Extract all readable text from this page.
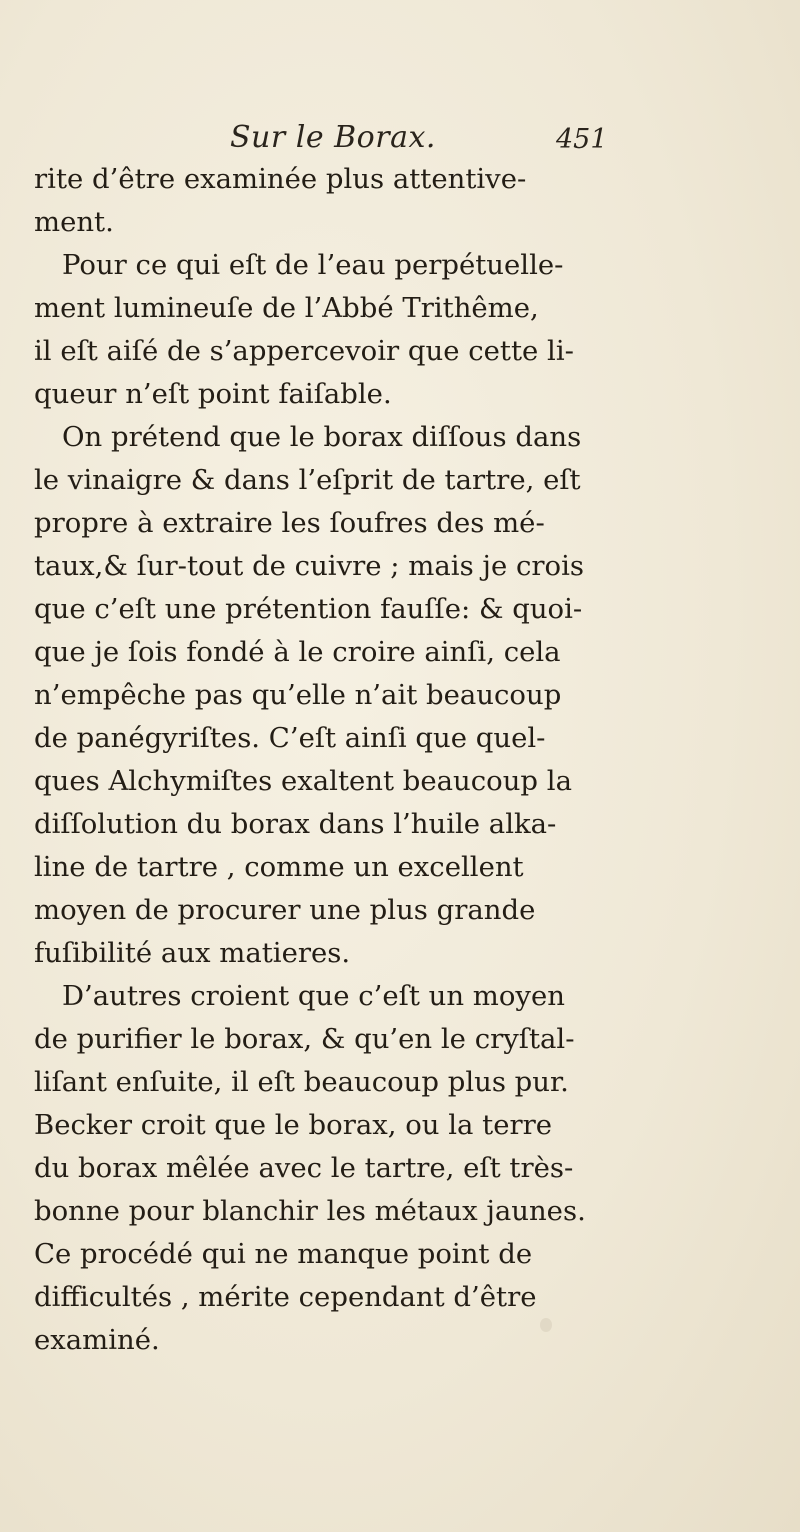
Sur le Borax.	451
rite d’être examinée plus attentive-
ment.
Pour ce qui eſt de l’eau perpétuelle-
ment lumineuſe de l’Abbé Trithême,
il eſt aiſé de s’appercevoir que cette li-
queur n’eſt point faiſable.
On prétend que le borax diſſous dans
le vinaigre & dans l’eſprit de tartre, eſt
propre à extraire les ſoufres des mé-
taux,& ſur-tout de cuivre ; mais je crois
que c’eſt une prétention fauſſe: & quoi-
que je ſois fondé à le croire ainſi, cela
n’empêche pas qu’elle n’ait beaucoup
de panégyriſtes. C’eſt ainſi que quel-
ques Alchymiſtes exaltent beaucoup la
diſſolution du borax dans l’huile alka-
line de tartre , comme un excellent
moyen de procurer une plus grande
fuſibilité aux matieres.
D’autres croient que c’eſt un moyen
de purifier le borax, & qu’en le cryſtal-
liſant enſuite, il eſt beaucoup plus pur.
Becker croit que le borax, ou la terre
du borax mêlée avec le tartre, eſt très-
bonne pour blanchir les métaux jaunes.
Ce procédé qui ne manque point de
difficultés , mérite cependant d’être
examiné.
